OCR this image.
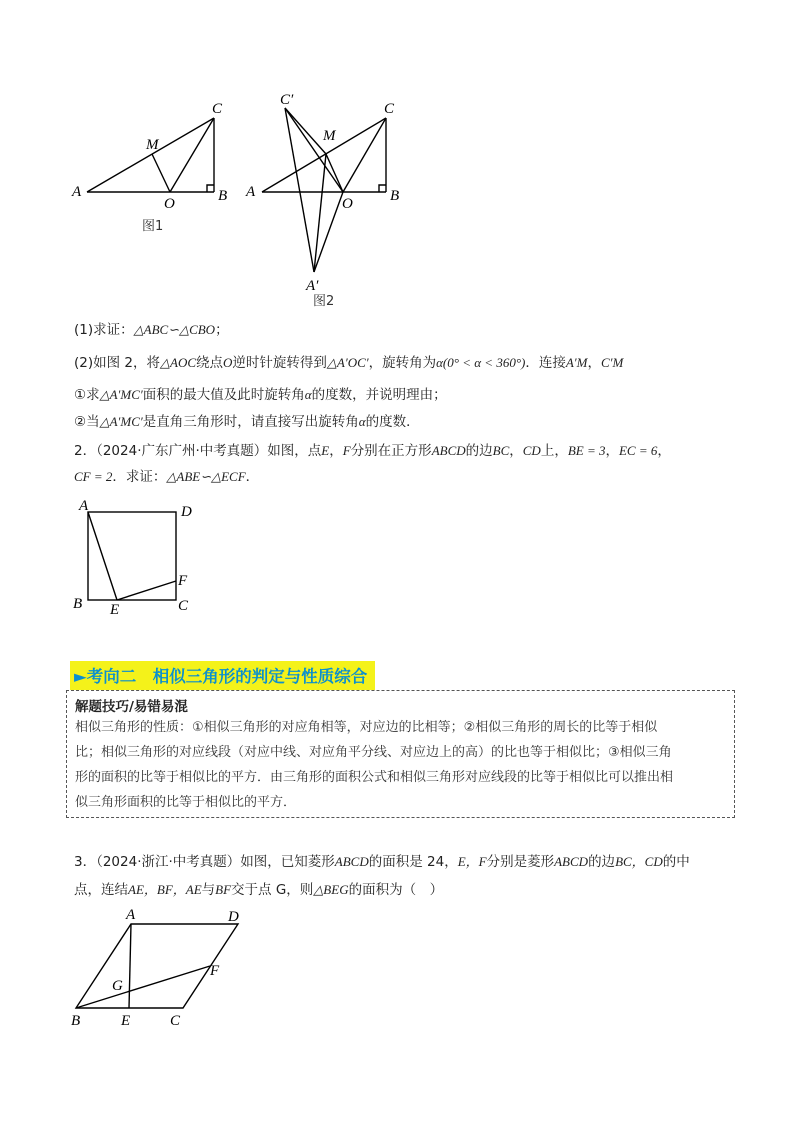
C
M
A
O	B
图1
C′
C
M
A
O B
A′
图2
(1)求证：△ABC∽△CBO；
(2)如图 2，将△AOC绕点O逆时针旋转得到△A′OC′，旋转角为α(0° < α < 360°)．连接A′M，C′M
①求△A′MC′面积的最大值及此时旋转角α的度数，并说明理由；
②当△A′MC′是直角三角形时，请直接写出旋转角α的度数．
2．（2024·广东广州·中考真题）如图，点E，F分别在正方形ABCD的边BC，CD上，BE = 3，EC = 6，
CF = 2．求证：△ABE∽△ECF．
A	D
F
B E	C
►考向二　相似三角形的判定与性质综合
解题技巧/易错易混
相似三角形的性质：①相似三角形的对应角相等，对应边的比相等；②相似三角形的周长的比等于相似
比；相似三角形的对应线段（对应中线、对应角平分线、对应边上的高）的比也等于相似比；③相似三角
形的面积的比等于相似比的平方．由三角形的面积公式和相似三角形对应线段的比等于相似比可以推出相
似三角形面积的比等于相似比的平方．
3．（2024·浙江·中考真题）如图，已知菱形ABCD的面积是 24，E，F分别是菱形ABCD的边BC，CD的中
点，连结AE，BF，AE与BF交于点 G，则△BEG的面积为（　）
A	D
F
G
B	E	C
